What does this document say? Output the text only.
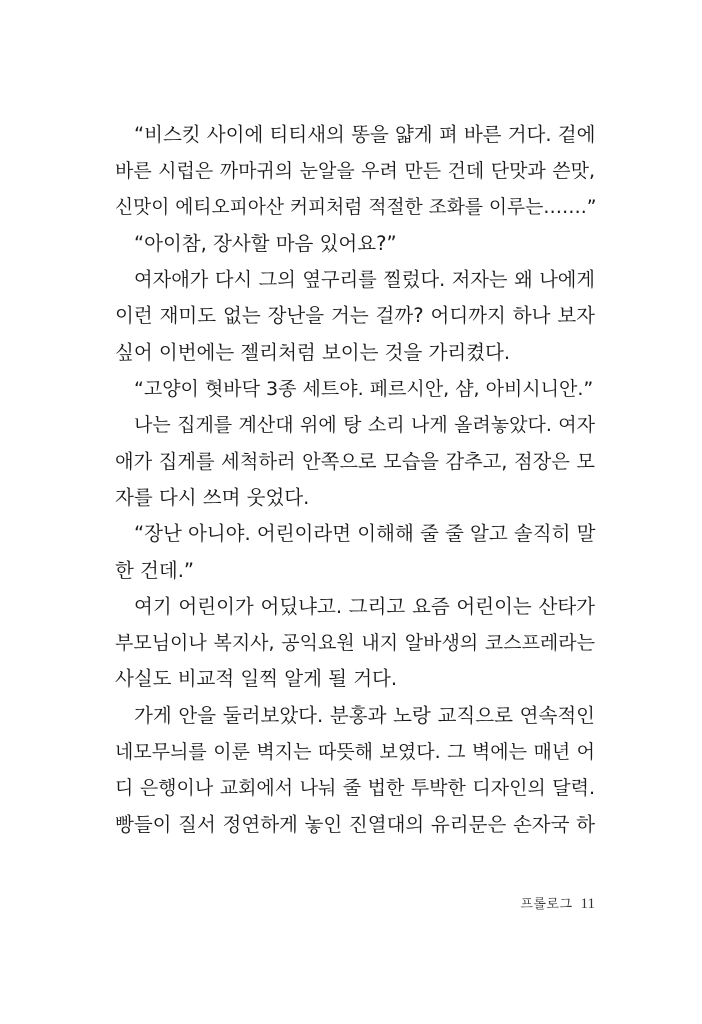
“비스킷 사이에 티티새의 똥을 얇게 펴 바른 거다. 겉에
바른 시럽은 까마귀의 눈알을 우려 만든 건데 단맛과 쓴맛,
신맛이 에티오피아산 커피처럼 적절한 조화를 이루는…….”
“아이참, 장사할 마음 있어요?”
여자애가 다시 그의 옆구리를 찔렀다. 저자는 왜 나에게
이런 재미도 없는 장난을 거는 걸까? 어디까지 하나 보자
싶어 이번에는 젤리처럼 보이는 것을 가리켰다.
“고양이 혓바닥 3종 세트야. 페르시안, 샴, 아비시니안.”
나는 집게를 계산대 위에 탕 소리 나게 올려놓았다. 여자
애가 집게를 세척하러 안쪽으로 모습을 감추고, 점장은 모
자를 다시 쓰며 웃었다.
“장난 아니야. 어린이라면 이해해 줄 줄 알고 솔직히 말
한 건데.”
여기 어린이가 어딨냐고. 그리고 요즘 어린이는 산타가
부모님이나 복지사, 공익요원 내지 알바생의 코스프레라는
사실도 비교적 일찍 알게 될 거다.
가게 안을 둘러보았다. 분홍과 노랑 교직으로 연속적인
네모무늬를 이룬 벽지는 따뜻해 보였다. 그 벽에는 매년 어
디 은행이나 교회에서 나눠 줄 법한 투박한 디자인의 달력.
빵들이 질서 정연하게 놓인 진열대의 유리문은 손자국 하
프롤로그 11
